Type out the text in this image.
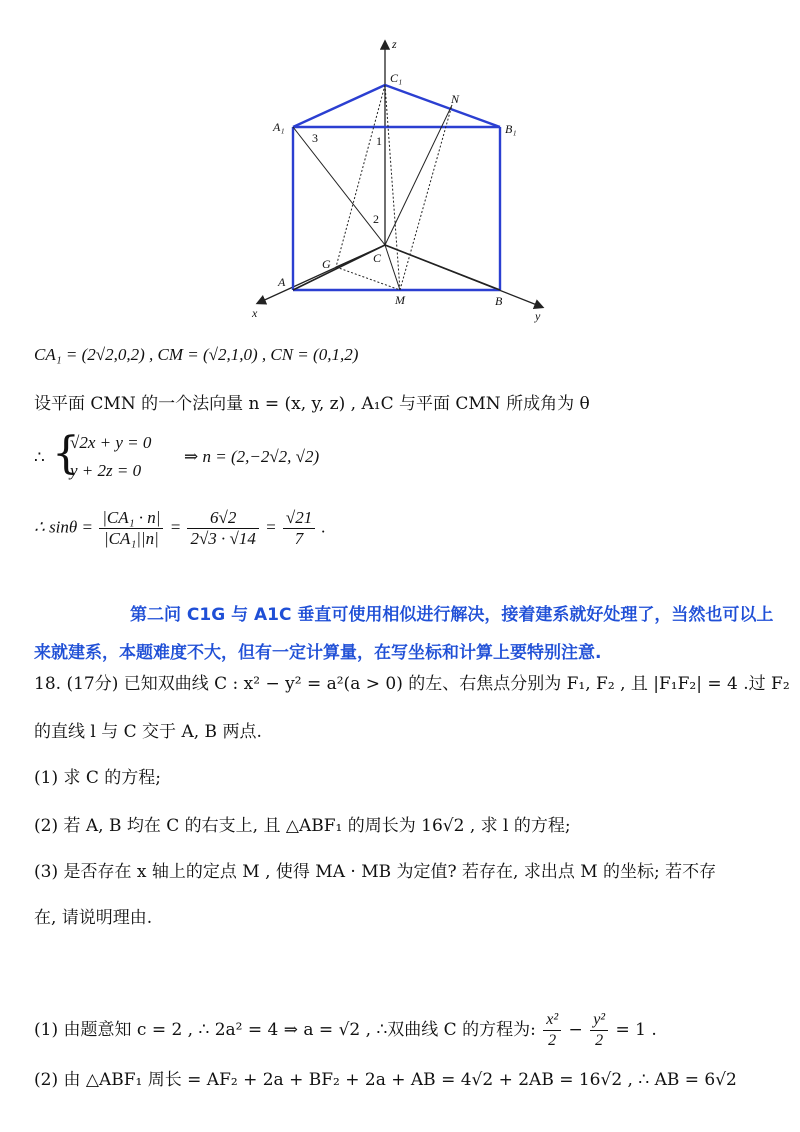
z
x	y
C₁
A₁	B₁
N
A
B
C
G
M
1
2
3
CA₁ = (2√2,0,2) , CM = (√2,1,0) , CN = (0,1,2)
设平面 CMN 的一个法向量 n = (x, y, z) , A₁C 与平面 CMN 所成角为 θ
∴ {
√2x + y = 0
y + 2z = 0
⇒ n = (2,−2√2, √2)
∴ $\sin\theta = \frac{\text{|CA₁ · n|}}{\text{|CA₁||n|}} = \frac{6√2}{2√3 \cdot √14} = \frac{√21}{7}$ .
第二问 C1G 与 A1C 垂直可使用相似进行解决，接着建系就好处理了，当然也可以上来就建系，本题难度不大，但有一定计算量，在写坐标和计算上要特别注意.
18. (17分) 已知双曲线 C : x² − y² = a²(a > 0) 的左、右焦点分别为 F₁, F₂ , 且 |F₁F₂| = 4 .过 F₂
的直线 l 与 C 交于 A, B 两点.
(1) 求 C 的方程;
(2) 若 A, B 均在 C 的右支上, 且 △ABF₁ 的周长为 16√2 , 求 l 的方程;
(3) 是否存在 x 轴上的定点 M , 使得 MA · MB 为定值? 若存在, 求出点 M 的坐标; 若不存
在, 请说明理由.
(1) 由题意知 c = 2 , ∴ 2a² = 4 ⇒ a = √2 , ∴双曲线 C 的方程为: $\frac{\text{x²}}{2} - \frac{\text{y²}}{2} = 1$ .
(2) 由 △ABF₁ 周长 = AF₂ + 2a + BF₂ + 2a + AB = 4√2 + 2AB = 16√2 , ∴ AB = 6√2
